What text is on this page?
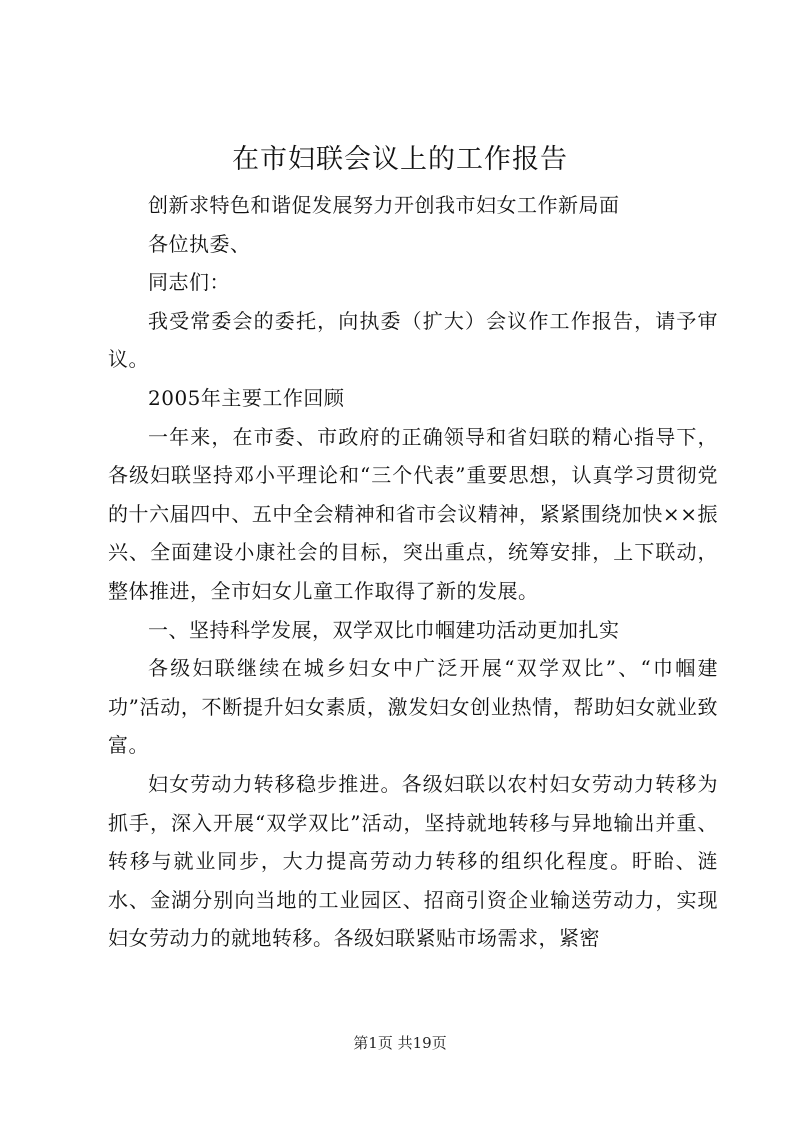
在市妇联会议上的工作报告

创新求特色和谐促发展努力开创我市妇女工作新局面

各位执委、

同志们：

我受常委会的委托，向执委（扩大）会议作工作报告，请予审议。

2005年主要工作回顾

一年来，在市委、市政府的正确领导和省妇联的精心指导下，各级妇联坚持邓小平理论和“三个代表”重要思想，认真学习贯彻党的十六届四中、五中全会精神和省市会议精神，紧紧围绕加快××振兴、全面建设小康社会的目标，突出重点，统筹安排，上下联动，整体推进，全市妇女儿童工作取得了新的发展。

一、坚持科学发展，双学双比巾帼建功活动更加扎实

各级妇联继续在城乡妇女中广泛开展“双学双比”、“巾帼建功”活动，不断提升妇女素质，激发妇女创业热情，帮助妇女就业致富。

妇女劳动力转移稳步推进。各级妇联以农村妇女劳动力转移为抓手，深入开展“双学双比”活动，坚持就地转移与异地输出并重、转移与就业同步，大力提高劳动力转移的组织化程度。盱眙、涟水、金湖分别向当地的工业园区、招商引资企业输送劳动力，实现妇女劳动力的就地转移。各级妇联紧贴市场需求，紧密

第1页 共19页
